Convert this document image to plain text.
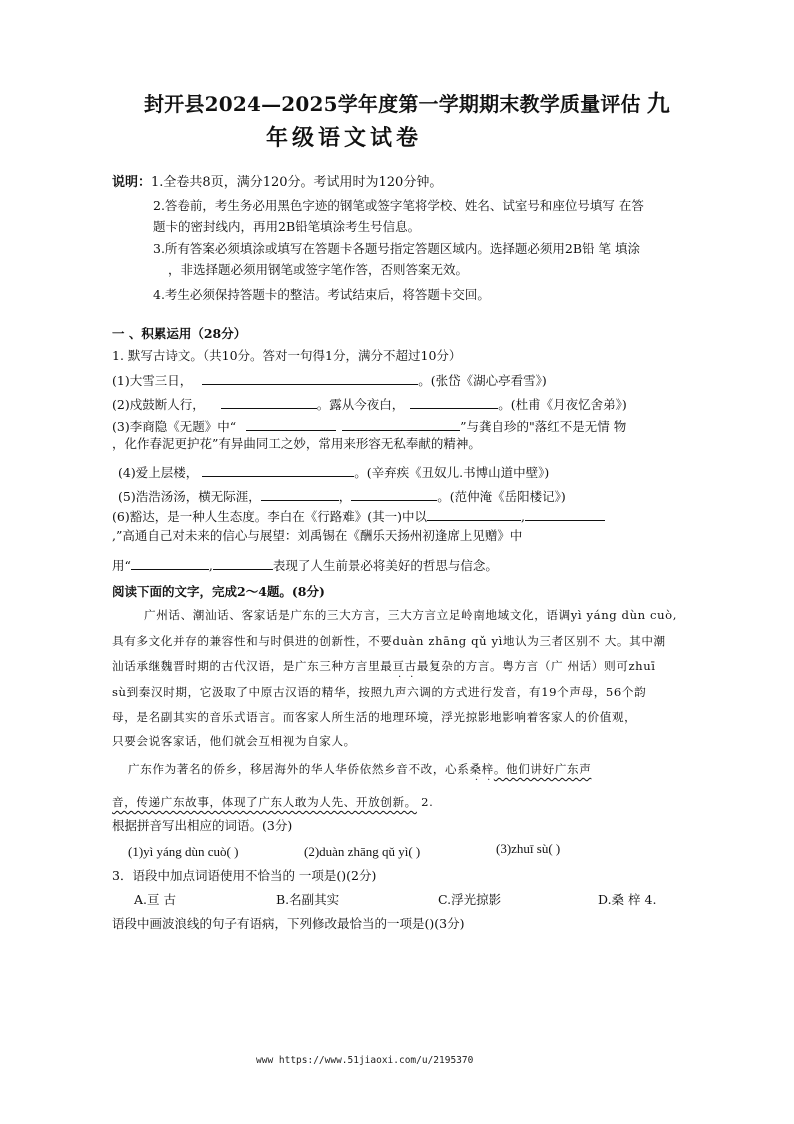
封开县2024—2025学年度第一学期期末教学质量评估 九
年级语文试卷
说明：1.全卷共8页，满分120分。考试用时为120分钟。
2.答卷前，考生务必用黑色字迹的钢笔或签字笔将学校、姓名、试室号和座位号填写 在答
题卡的密封线内，再用2B铅笔填涂考生号信息。
3.所有答案必须填涂或填写在答题卡各题号指定答题区域内。选择题必须用2B铅 笔 填涂
，非选择题必须用钢笔或签字笔作答，否则答案无效。
4.考生必须保持答题卡的整洁。考试结束后，将答题卡交回。
一 、积累运用（28分）
1. 默写古诗文。（共10分。答对一句得1分，满分不超过10分）
(1)大雪三日，	。(张岱《湖心亭看雪》)
(2)戍鼓断人行，	。露从今夜白，	。(杜甫《月夜忆舍弟》)
(3)李商隐《无题》中“	”与龚自珍的"落红不是无情 物
，化作春泥更护花”有异曲同工之妙，常用来形容无私奉献的精神。
(4)爱上层楼，	。(辛弃疾《丑奴儿.书博山道中壁》)
(5)浩浩汤汤，横无际涯，	，	。(范仲淹《岳阳楼记》)
(6)豁达，是一种人生态度。李白在《行路难》(其一)中以	,
,”高通自己对未来的信心与展望：刘禹锡在《酬乐天扬州初逢席上见赠》中
用“	,	表现了人生前景必将美好的哲思与信念。
阅读下面的文字，完成2～4题。(8分)
广州话、潮汕话、客家话是广东的三大方言，三大方言立足岭南地域文化，语调yì yáng dùn cuò,
具有多文化并存的兼容性和与时俱进的创新性，不要duàn zhāng qǔ yì地认为三者区别不 大。其中潮
汕话承继魏晋时期的古代汉语，是广东三种方言里最亘古最复杂的方言。粤方言（广 州话）则可zhuī
sù到秦汉时期，它汲取了中原古汉语的精华，按照九声六调的方式进行发音，有19个声母，56个韵
母，是名副其实的音乐式语言。而客家人所生活的地理环境，浮光掠影地影响着客家人的价值观，
只要会说客家话，他们就会互相视为自家人。
广东作为著名的侨乡，移居海外的华人华侨依然乡音不改，心系桑梓。他们讲好广东声
音，传递广东故事，体现了广东人敢为人先、开放创新。 2.
根据拼音写出相应的词语。(3分)
(1)yì yáng dùn cuò( )	(2)duàn zhāng qǔ yì( )	(3)zhuī sù( )
3．语段中加点词语使用不恰当的 一项是()(2分)
A.亘 古	B.名副其实	C.浮光掠影	D.桑 梓 4.
语段中画波浪线的句子有语病，下列修改最恰当的一项是()(3分)
www https://www.51jiaoxi.com/u/2195370
